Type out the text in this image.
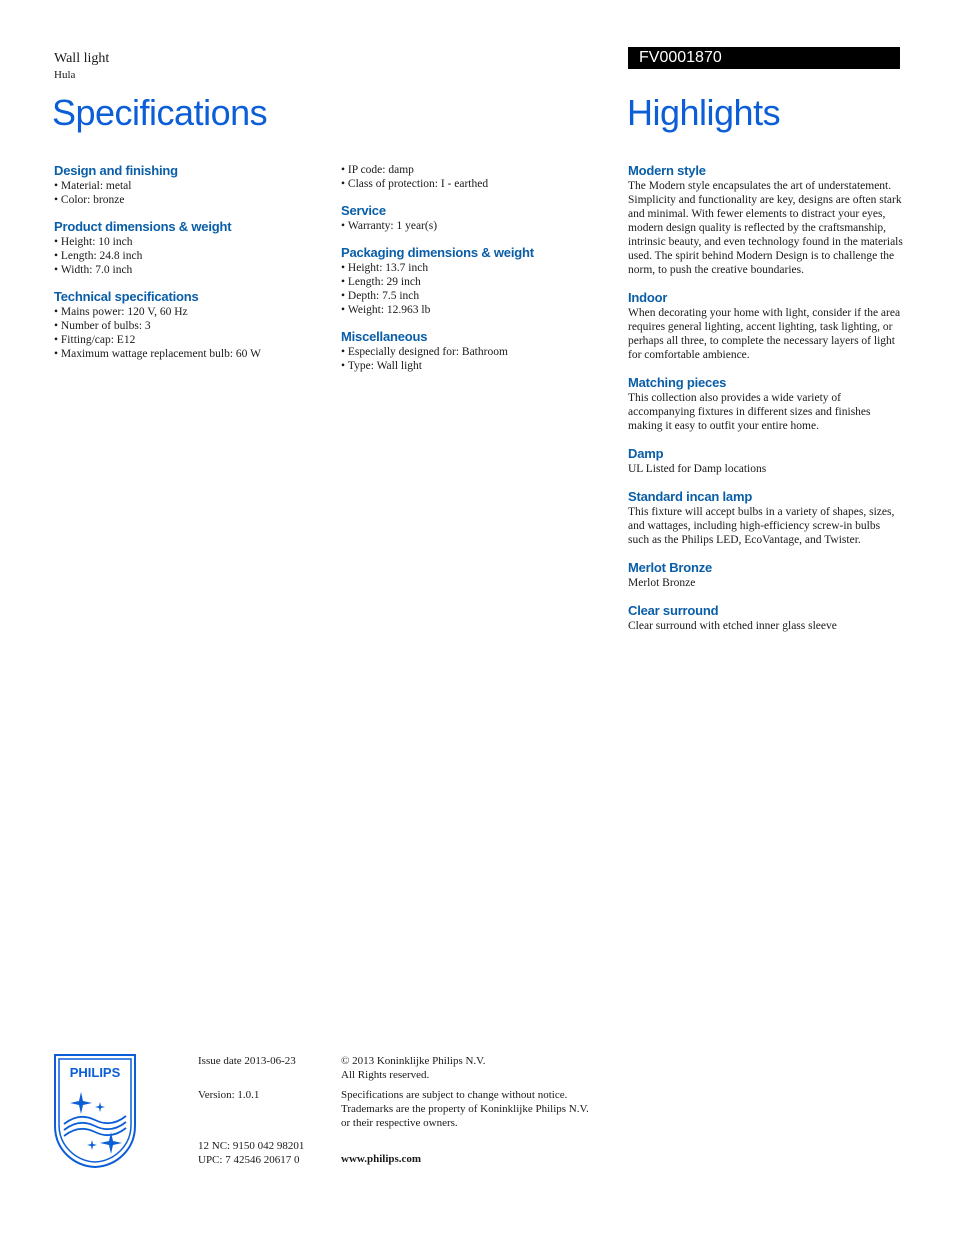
Wall light
Hula
FV0001870
Specifications	Highlights
Design and finishing
• Material: metal
• Color: bronze
Product dimensions & weight
• Height: 10 inch
• Length: 24.8 inch
• Width: 7.0 inch
Technical specifications
• Mains power: 120 V, 60 Hz
• Number of bulbs: 3
• Fitting/cap: E12
• Maximum wattage replacement bulb: 60 W
• IP code: damp
• Class of protection: I - earthed
Service
• Warranty: 1 year(s)
Packaging dimensions & weight
• Height: 13.7 inch
• Length: 29 inch
• Depth: 7.5 inch
• Weight: 12.963 lb
Miscellaneous
• Especially designed for: Bathroom
• Type: Wall light
Modern style

The Modern style encapsulates the art of understatement. Simplicity and functionality are key, designs are often stark and minimal. With fewer elements to distract your eyes, modern design quality is reflected by the craftsmanship, intrinsic beauty, and even technology found in the materials used. The spirit behind Modern Design is to challenge the norm, to push the creative boundaries.

Indoor

When decorating your home with light, consider if the area requires general lighting, accent lighting, task lighting, or perhaps all three, to complete the necessary layers of light for comfortable ambience.

Matching pieces

This collection also provides a wide variety of accompanying fixtures in different sizes and finishes making it easy to outfit your entire home.

Damp

UL Listed for Damp locations

Standard incan lamp

This fixture will accept bulbs in a variety of shapes, sizes, and wattages, including high-efficiency screw-in bulbs such as the Philips LED, EcoVantage, and Twister.

Merlot Bronze

Merlot Bronze

Clear surround

Clear surround with etched inner glass sleeve

PHILIPS
Issue date 2013-06-23
Version: 1.0.1
12 NC: 9150 042 98201
UPC: 7 42546 20617 0
© 2013 Koninklijke Philips N.V.
All Rights reserved.
Specifications are subject to change without notice.
Trademarks are the property of Koninklijke Philips N.V.
or their respective owners.
www.philips.com
